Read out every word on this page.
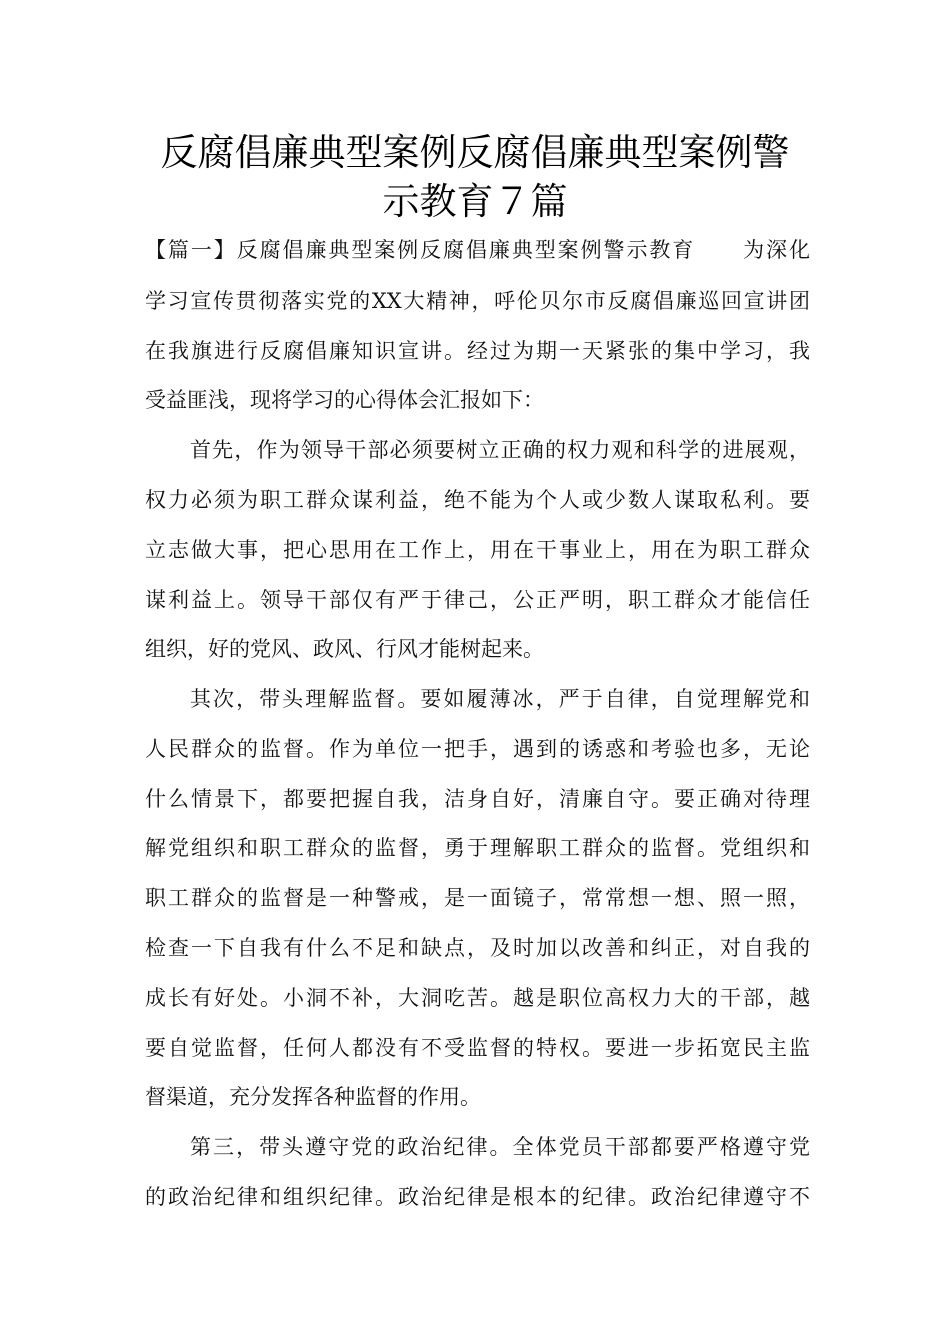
反腐倡廉典型案例反腐倡廉典型案例警
示教育７篇
【篇一】反腐倡廉典型案例反腐倡廉典型案例警示教育 为深化
学习宣传贯彻落实党的XX大精神，呼伦贝尔市反腐倡廉巡回宣讲团
在我旗进行反腐倡廉知识宣讲。经过为期一天紧张的集中学习，我
受益匪浅，现将学习的心得体会汇报如下：
首先，作为领导干部必须要树立正确的权力观和科学的进展观，
权力必须为职工群众谋利益，绝不能为个人或少数人谋取私利。要
立志做大事，把心思用在工作上，用在干事业上，用在为职工群众
谋利益上。领导干部仅有严于律己，公正严明，职工群众才能信任
组织，好的党风、政风、行风才能树起来。
其次，带头理解监督。要如履薄冰，严于自律，自觉理解党和
人民群众的监督。作为单位一把手，遇到的诱惑和考验也多，无论
什么情景下，都要把握自我，洁身自好，清廉自守。要正确对待理
解党组织和职工群众的监督，勇于理解职工群众的监督。党组织和
职工群众的监督是一种警戒，是一面镜子，常常想一想、照一照，
检查一下自我有什么不足和缺点，及时加以改善和纠正，对自我的
成长有好处。小洞不补，大洞吃苦。越是职位高权力大的干部，越
要自觉监督，任何人都没有不受监督的特权。要进一步拓宽民主监
督渠道，充分发挥各种监督的作用。
第三，带头遵守党的政治纪律。全体党员干部都要严格遵守党
的政治纪律和组织纪律。政治纪律是根本的纪律。政治纪律遵守不
